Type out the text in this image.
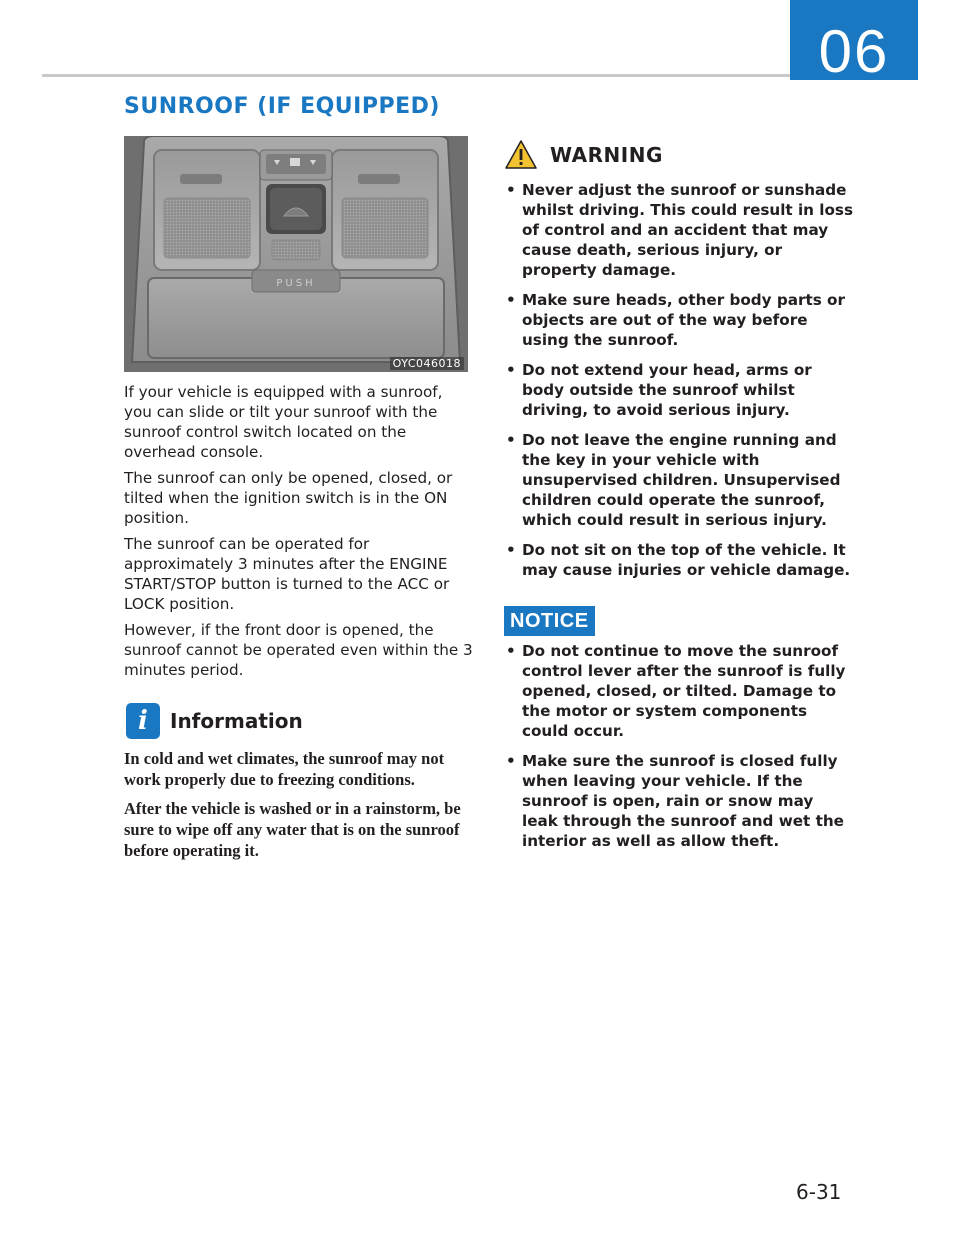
06
SUNROOF (IF EQUIPPED)
PUSH
OYC046018

If your vehicle is equipped with a sunroof, you can slide or tilt your sunroof with the sunroof control switch located on the overhead console.

The sunroof can only be opened, closed, or tilted when the ignition switch is in the ON position.

The sunroof can be operated for approximately 3 minutes after the ENGINE START/STOP button is turned to the ACC or LOCK position.

However, if the front door is opened, the sunroof cannot be operated even within the 3 minutes period.

i	Information

In cold and wet climates, the sunroof may not work properly due to freezing conditions.

After the vehicle is washed or in a rainstorm, be sure to wipe off any water that is on the sunroof before operating it.

WARNING
• Never adjust the sunroof or sunshade whilst driving. This could result in loss of control and an accident that may cause death, serious injury, or property damage.
• Make sure heads, other body parts or objects are out of the way before using the sunroof.
• Do not extend your head, arms or body outside the sunroof whilst driving, to avoid serious injury.
• Do not leave the engine running and the key in your vehicle with unsupervised children. Unsupervised children could operate the sunroof, which could result in serious injury.
• Do not sit on the top of the vehicle. It may cause injuries or vehicle damage.
NOTICE
• Do not continue to move the sunroof control lever after the sunroof is fully opened, closed, or tilted. Damage to the motor or system components could occur.
• Make sure the sunroof is closed fully when leaving your vehicle. If the sunroof is open, rain or snow may leak through the sunroof and wet the interior as well as allow theft.
6-31
